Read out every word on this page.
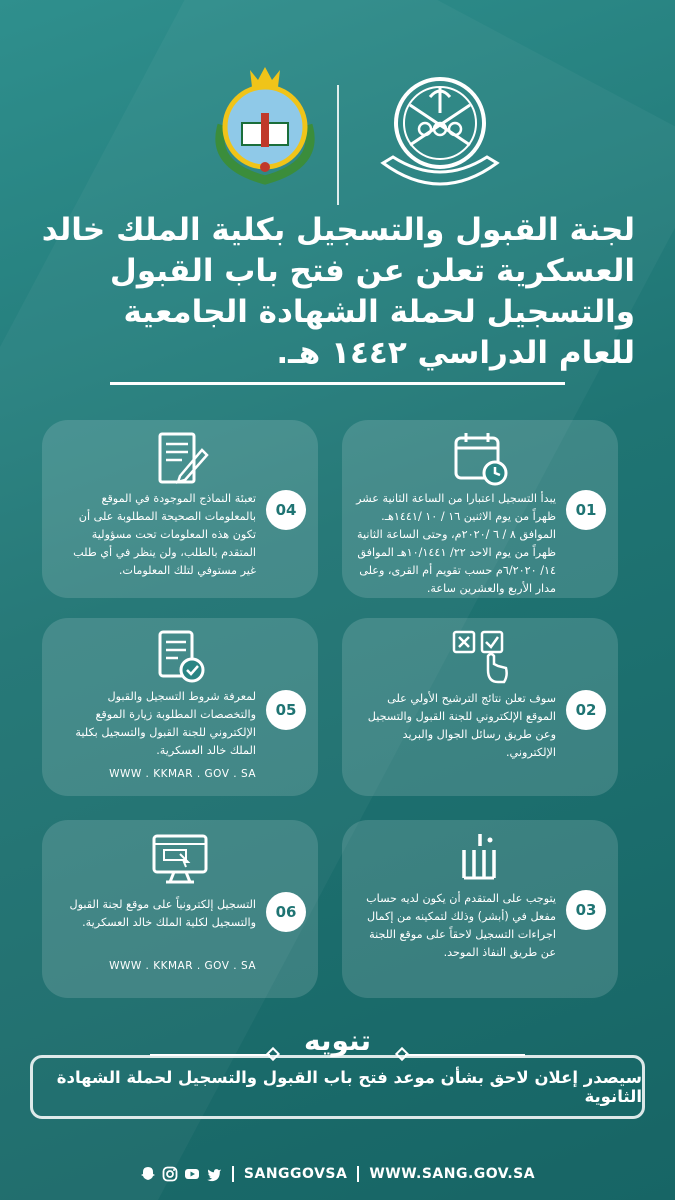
لجنة القبول والتسجيل بكلية الملك خالد العسكرية تعلن عن فتح باب القبول والتسجيل لحملة الشهادة الجامعية للعام الدراسي ١٤٤٢ هـ.
01
يبدأ التسجيل اعتبارا من الساعة الثانية عشر ظهراً من يوم الاثنين ١٦ / ١٠ /١٤٤١هـ. الموافق ٨ / ٦ /٢٠٢٠م، وحتى الساعة الثانية ظهراً من يوم الاحد ٢٢/ ١٠/١٤٤١هـ الموافق ١٤/ ٦/٢٠٢٠م حسب تقويم أم القرى، وعلى مدار الأربع والعشرين ساعة.
04
تعبئة النماذج الموجودة في الموقع بالمعلومات الصحيحة المطلوبة على أن تكون هذه المعلومات تحت مسؤولية المتقدم بالطلب، ولن ينظر في أي طلب غير مستوفي لتلك المعلومات.
02
سوف تعلن نتائج الترشيح الأولي على الموقع الإلكتروني للجنة القبول والتسجيل وعن طريق رسائل الجوال والبريد الإلكتروني.
05
لمعرفة شروط التسجيل والقبول والتخصصات المطلوبة زيارة الموقع الإلكتروني للجنة القبول والتسجيل بكلية الملك خالد العسكرية.
WWW . KKMAR . GOV . SA
03
يتوجب على المتقدم أن يكون لديه حساب مفعل في (أبشر) وذلك لتمكينه من إكمال اجراءات التسجيل لاحقاً على موقع اللجنة عن طريق النفاذ الموحد.
06
التسجيل إلكترونياً على موقع لجنة القبول والتسجيل لكلية الملك خالد العسكرية.
WWW . KKMAR . GOV . SA
سيصدر إعلان لاحق بشأن موعد فتح باب القبول والتسجيل لحملة الشهادة الثانوية
تنويه
SANGGOVSA WWW.SANG.GOV.SA
